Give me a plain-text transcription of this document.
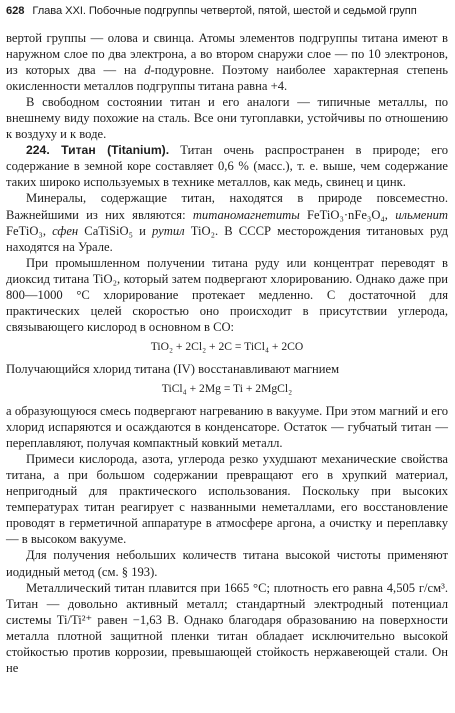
628 Глава XXI. Побочные подгруппы четвертой, пятой, шестой и седьмой групп

вертой группы — олова и свинца. Атомы элементов подгруппы титана имеют в наружном слое по два электрона, а во втором снаружи слое — по 10 электронов, из которых два — на d-подуровне. Поэтому наиболее характерная степень окисленности металлов подгруппы титана равна +4.

В свободном состоянии титан и его аналоги — типичные металлы, по внешнему виду похожие на сталь. Все они тугоплавки, устойчивы по отношению к воздуху и к воде.

224. Титан (Titanium). Титан очень распространен в природе; его содержание в земной коре составляет 0,6 % (масс.), т. е. выше, чем содержание таких широко используемых в технике металлов, как медь, свинец и цинк.

Минералы, содержащие титан, находятся в природе повсеместно. Важнейшими из них являются: титаномагнетиты FeTiO₃·nFe₃O₄, ильменит FeTiO₃, сфен CaTiSiO₅ и рутил TiO₂. В СССР месторождения титановых руд находятся на Урале.

При промышленном получении титана руду или концентрат переводят в диоксид титана TiO₂, который затем подвергают хлорированию. Однако даже при 800—1000 °С хлорирование протекает медленно. С достаточной для практических целей скоростью оно происходит в присутствии углерода, связывающего кислород в основном в СО:

TiO₂ + 2Cl₂ + 2C = TiCl₄ + 2CO

Получающийся хлорид титана (IV) восстанавливают магнием

TiCl₄ + 2Mg = Ti + 2MgCl₂

а образующуюся смесь подвергают нагреванию в вакууме. При этом магний и его хлорид испаряются и осаждаются в конденсаторе. Остаток — губчатый титан — переплавляют, получая компактный ковкий металл.

Примеси кислорода, азота, углерода резко ухудшают механические свойства титана, а при большом содержании превращают его в хрупкий материал, непригодный для практического использования. Поскольку при высоких температурах титан реагирует с названными неметаллами, его восстановление проводят в герметичной аппаратуре в атмосфере аргона, а очистку и переплавку — в высоком вакууме.

Для получения небольших количеств титана высокой чистоты применяют иодидный метод (см. § 193).

Металлический титан плавится при 1665 °С; плотность его равна 4,505 г/см³. Титан — довольно активный металл; стандартный электродный потенциал системы Ti/Ti²⁺ равен −1,63 В. Однако благодаря образованию на поверхности металла плотной защитной пленки титан обладает исключительно высокой стойкостью против коррозии, превышающей стойкость нержавеющей стали. Он не
